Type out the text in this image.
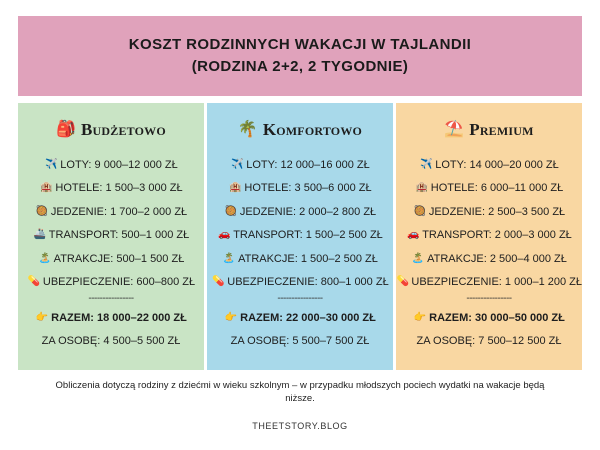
KOSZT RODZINNYCH WAKACJI W TAJLANDII
(RODZINA 2+2, 2 TYGODNIE)
🎒 Budżetowo
✈️ LOTY: 9 000–12 000 ZŁ
🏨 HOTELE: 1 500–3 000 ZŁ
🥘 JEDZENIE: 1 700–2 000 ZŁ
🚢 TRANSPORT: 500–1 000 ZŁ
🏝️ ATRAKCJE: 500–1 500 ZŁ
💊 UBEZPIECZENIE: 600–800 ZŁ
----------------
👉 RAZEM: 18 000–22 000 ZŁ
ZA OSOBĘ: 4 500–5 500 ZŁ
🌴 Komfortowo
✈️ LOTY: 12 000–16 000 ZŁ
🏨 HOTELE: 3 500–6 000 ZŁ
🥘 JEDZENIE: 2 000–2 800 ZŁ
🚗 TRANSPORT: 1 500–2 500 ZŁ
🏝️ ATRAKCJE: 1 500–2 500 ZŁ
💊 UBEZPIECZENIE: 800–1 000 ZŁ
----------------
👉 RAZEM: 22 000–30 000 ZŁ
ZA OSOBĘ: 5 500–7 500 ZŁ
⛱️ Premium
✈️ LOTY: 14 000–20 000 ZŁ
🏨 HOTELE: 6 000–11 000 ZŁ
🥘 JEDZENIE: 2 500–3 500 ZŁ
🚗 TRANSPORT: 2 000–3 000 ZŁ
🏝️ ATRAKCJE: 2 500–4 000 ZŁ
💊 UBEZPIECZENIE: 1 000–1 200 ZŁ
----------------
👉 RAZEM: 30 000–50 000 ZŁ
ZA OSOBĘ: 7 500–12 500 ZŁ
Obliczenia dotyczą rodziny z dziećmi w wieku szkolnym – w przypadku młodszych pociech wydatki na wakacje będą niższe.
THEETSTORY.BLOG
